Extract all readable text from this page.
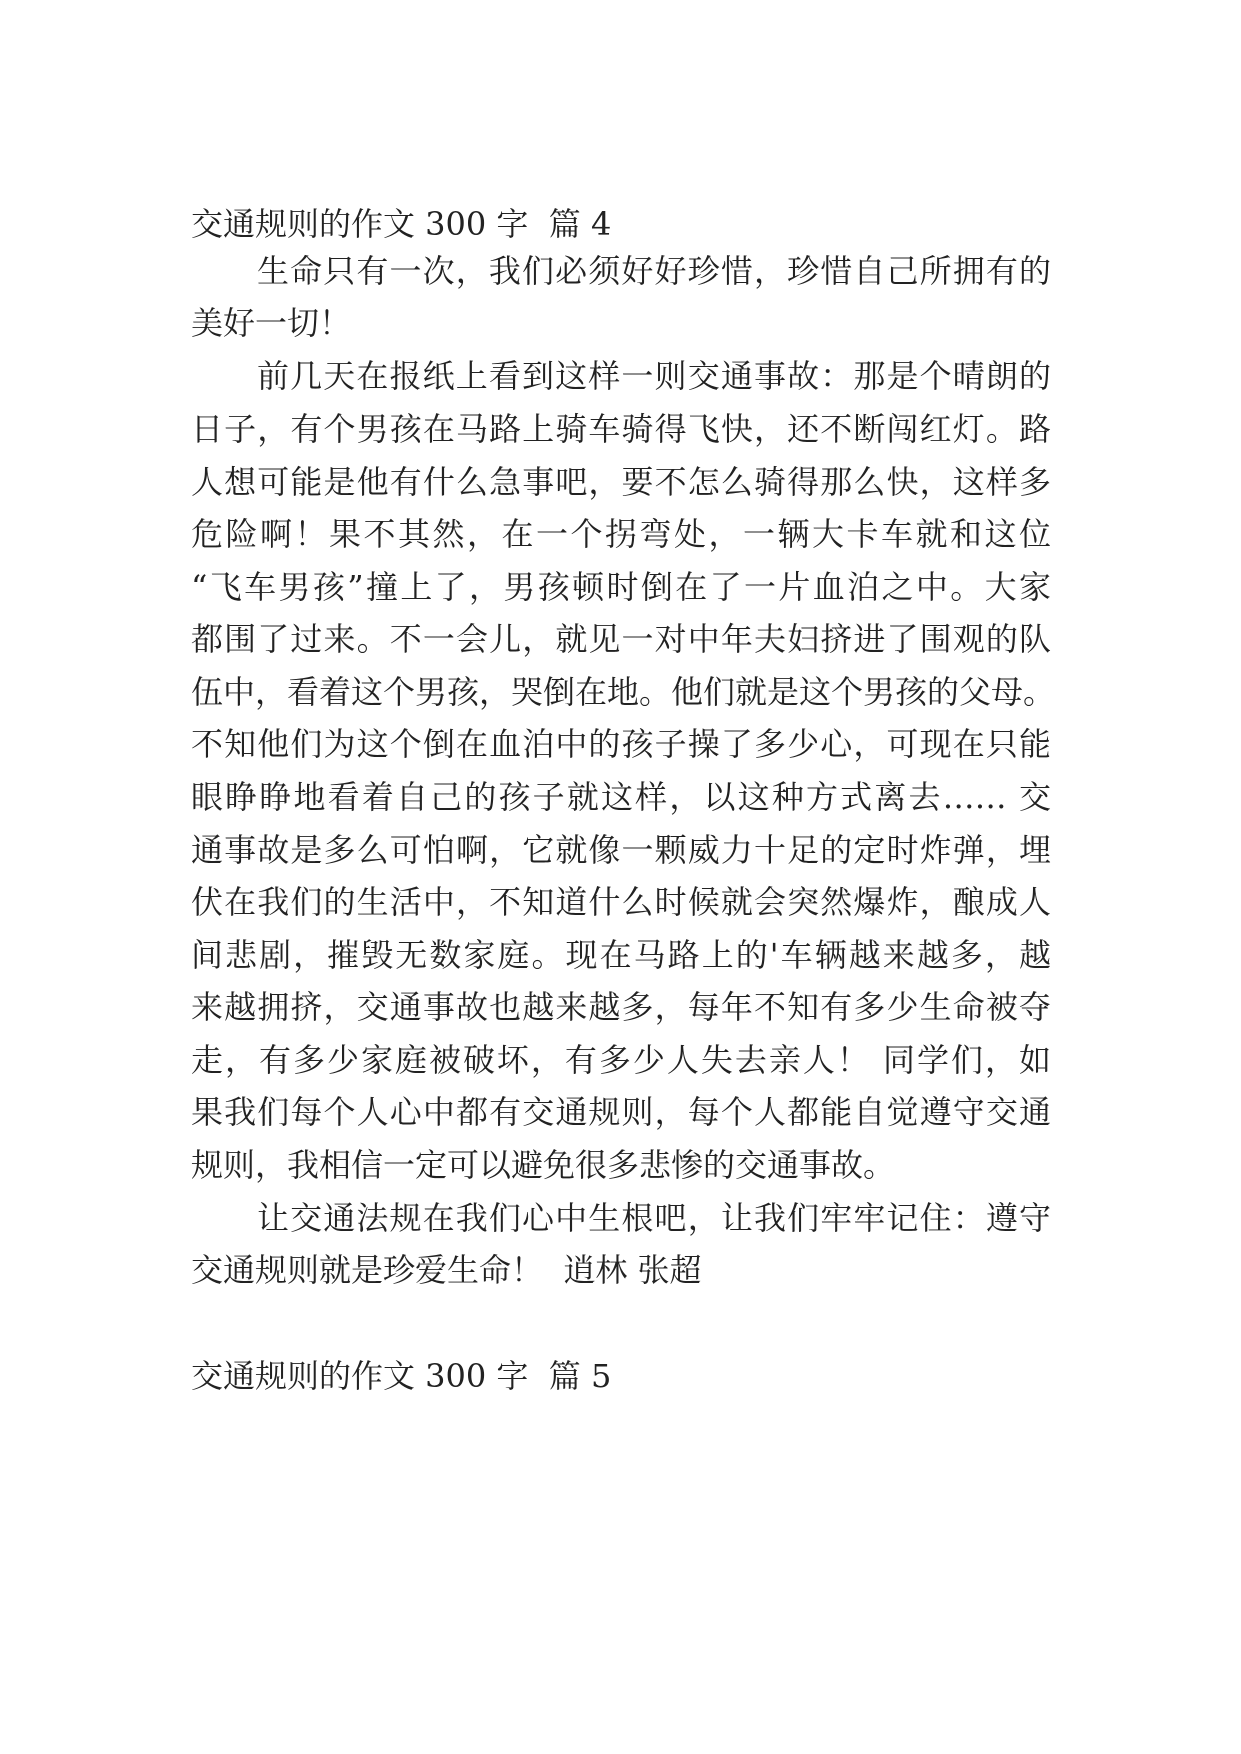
交通规则的作文 300 字  篇 4
生命只有一次，我们必须好好珍惜，珍惜自己所拥有的
美好一切！
前几天在报纸上看到这样一则交通事故：那是个晴朗的
日子，有个男孩在马路上骑车骑得飞快，还不断闯红灯。路
人想可能是他有什么急事吧，要不怎么骑得那么快，这样多
危险啊！果不其然，在一个拐弯处，一辆大卡车就和这位
“飞车男孩”撞上了，男孩顿时倒在了一片血泊之中。大家
都围了过来。不一会儿，就见一对中年夫妇挤进了围观的队
伍中，看着这个男孩，哭倒在地。他们就是这个男孩的父母。
不知他们为这个倒在血泊中的孩子操了多少心，可现在只能
眼睁睁地看着自己的孩子就这样，以这种方式离去…… 交
通事故是多么可怕啊，它就像一颗威力十足的定时炸弹，埋
伏在我们的生活中，不知道什么时候就会突然爆炸，酿成人
间悲剧，摧毁无数家庭。现在马路上的'车辆越来越多，越
来越拥挤，交通事故也越来越多，每年不知有多少生命被夺
走，有多少家庭被破坏，有多少人失去亲人！ 同学们，如
果我们每个人心中都有交通规则，每个人都能自觉遵守交通
规则，我相信一定可以避免很多悲惨的交通事故。
让交通法规在我们心中生根吧，让我们牢牢记住：遵守
交通规则就是珍爱生命！  逍林 张超
交通规则的作文 300 字  篇 5
